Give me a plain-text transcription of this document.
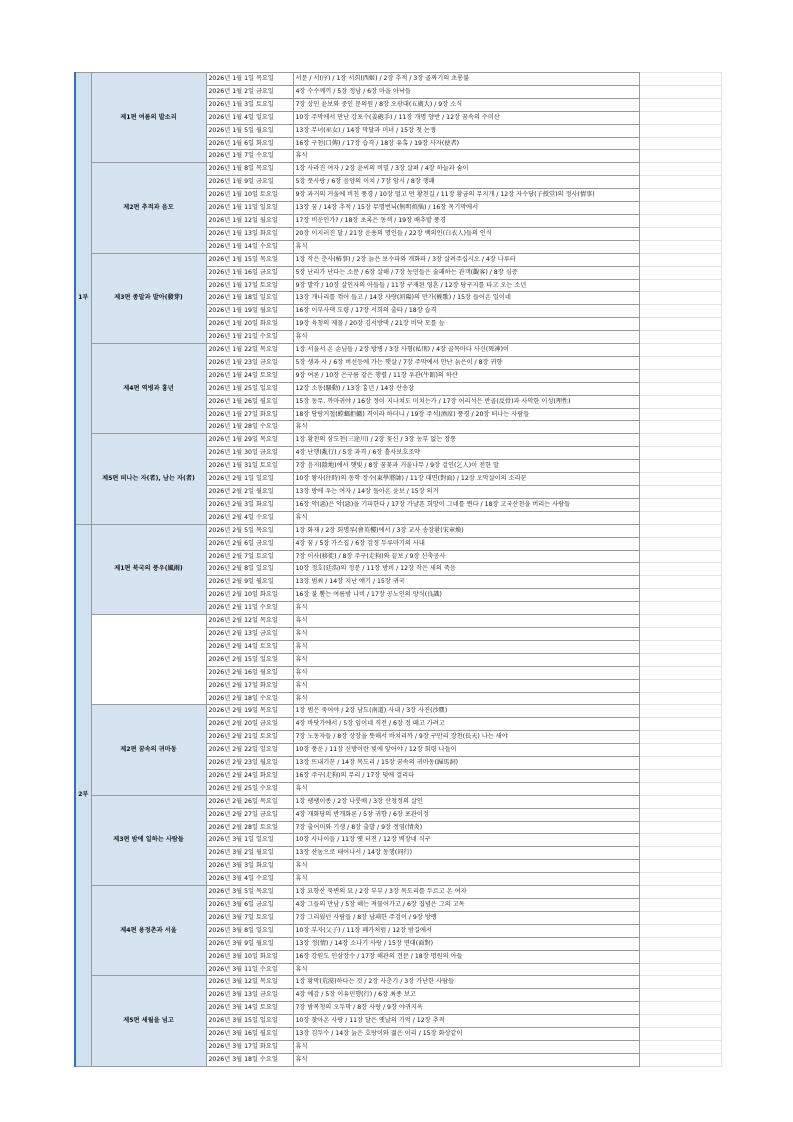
1부	제1편 여름의 발소리	2026년 1월 1일 목요일	서문 / 서(序) / 1장 서희(西姬) / 2장 추적 / 3장 골짜기의 초롱불	
		2026년 1월 2일 금요일	4장 수수께끼 / 5장 정남 / 6장 마을 아낙들	
		2026년 1월 3일 토요일	7장 상민 윤보와 중인 문의원 / 8장 오광대(五廣大) / 9장 소식	
		2026년 1월 4일 일요일	10장 주막에서 만난 강포수(姜砲手) / 11장 개명 양반 / 12장 꿈속의 수미산	
		2026년 1월 5일 월요일	13장 무녀(巫女) / 14장 막달과 미녀 / 15장 첫 논쟁	
		2026년 1월 6일 화요일	16장 구천(口傳) / 17장 습격 / 18장 유혹 / 19장 사자(使者)	
		2026년 1월 7일 수요일	휴식	
	제2편 추적과 음모	2026년 1월 8일 목요일	1장 사라진 여자 / 2장 윤씨의 비밀 / 3장 살펴 / 4장 하늘과 숨이	
		2026년 1월 9일 금요일	5장 풋사랑 / 6장 음양의 이치 / 7장 암시 / 8장 행패	
		2026년 1월 10일 토요일	9장 과거의 거울에 비친 풍경 / 10장 멀고 먼 황천길 / 11장 황금의 무지개 / 12장 자수당(子授堂)의 정사(情事)	
		2026년 1월 11일 일요일	13장 꿈 / 14장 추적 / 15장 무명번뇌(無明煩惱) / 16장 목기막에서	
		2026년 1월 12일 월요일	17장 비운인가? / 18장 초록은 동색 / 19장 배추밭 풍경	
		2026년 1월 13일 화요일	20장 이지러진 달 / 21장 운용의 명인들 / 22장 백의인(白衣人)들의 인식	
		2026년 1월 14일 수요일	휴식	
	제3편 종말과 발아(發芽)	2026년 1월 15일 목요일	1장 작은 춘사(椿事) / 2장 늙은 보수파와 개화파 / 3장 살려주십시오 / 4장 나루터	
		2026년 1월 16일 금요일	5장 난리가 난다는 소문 / 6장 살해 / 7장 농민들은 술패하는 관객(觀客) / 8장 심증	
		2026년 1월 17일 토요일	9장 발각 / 10장 살인자의 아들들 / 11장 구재된 영혼 / 12장 당구지를 타고 오는 소년	
		2026년 1월 18일 일요일	13장 개나리를 꺾어 들고 / 14장 사랑(斜陽)의 만가(輓歌) / 15장 들어온 일이네	
		2026년 1월 19일 월요일	16장 이부사댁 도령 / 17장 서희의 출타 / 18장 습격	
		2026년 1월 20일 화요일	19장 육청의 제물 / 20장 김서방댁 / 21장 비닥 모를 늪	
		2026년 1월 21일 수요일	휴식	
	제4편 역병과 흉년	2026년 1월 22일 목요일	1장 서울서 온 손님들 / 2장 방병 / 3장 사형(私刑) / 4장 골목마다 사신(死神)이	
		2026년 1월 23일 금요일	5장 생과 사 / 6장 버선등에 가는 햇살 / 7장 주막에서 만난 늙은이 / 8장 귀향	
		2026년 1월 24일 토요일	9장 여론 / 10장 은구름 같은 행렬 / 11장 우관(牛館)의 하산	
		2026년 1월 25일 일요일	12장 소동(騷動) / 13장 흉년 / 14장 산송장	
		2026년 1월 26일 월요일	15장 동무, 까마귀야 / 16장 정이 지나쳐도 미치는가 / 17장 어리석은 반골(反骨)과 사악한 이성(理性)	
		2026년 1월 27일 화요일	18장 당랑거철(螳螂拒轍) 격이라 하더니 / 19장 주석(酒席) 풍경 / 20장 떠나는 사람들	
		2026년 1월 28일 수요일	휴식	
	제5편 떠나는 자(者), 남는 자(者)	2026년 1월 29일 목요일	1장 황천의 삼도천(三途川) / 2장 꽃신 / 3장 농부 없는 장통	
		2026년 1월 30일 금요일	4장 난행(亂行) / 5장 과격 / 6장 흩사보호조약	
		2026년 1월 31일 토요일	7장 음지(陰地)에서 햇빛 / 8장 꿈꽃과 거울나무 / 9장 걸인(乞人)이 전한 말	
		2026년 2월 1일 일요일	10장 왕사(往時)의 동학 장수(東學將帥) / 11장 대면(對面) / 12장 오막살이의 소리꾼	
		2026년 2월 2일 월요일	13장 방에 우는 여자 / 14장 돌아온 윤보 / 15장 의거	
		2026년 2월 3일 화요일	16장 악(惡)은 악(惡)을 기피한다 / 17장 가냘픈 희망이 그네를 뛴다 / 18장 고국산천을 버리는 사람들	
		2026년 2월 4일 수요일	휴식	
2부	제1편 북국의 풍우(風雨)	2026년 2월 5일 목요일	1장 화재 / 2장 회명루(會英樓)에서 / 3장 교사 송장환(宋章煥)	
		2026년 2월 6일 금요일	4장 꿈 / 5장 가스집 / 6장 검정 두루마기의 사내	
		2026년 2월 7일 토요일	7장 이사(移徙) / 8장 주구(走狗)와 끝보 / 9장 신축공사	
		2026년 2월 8일 일요일	10장 정호(廷浩)의 정분 / 11장 방비 / 12장 작은 새의 죽음	
		2026년 2월 9일 월요일	13장 범최 / 14장 지난 얘기 / 15장 귀국	
		2026년 2월 10일 화요일	16장 불 뿜는 여름밤 나비 / 17장 공노인의 양식(良識)	
		2026년 2월 11일 수요일	휴식	
		2026년 2월 12일 목요일	휴식	
		2026년 2월 13일 금요일	휴식	
		2026년 2월 14일 토요일	휴식	
		2026년 2월 15일 일요일	휴식	
		2026년 2월 16일 월요일	휴식	
		2026년 2월 17일 화요일	휴식	
		2026년 2월 18일 수요일	휴식	
	제2편 꿈속의 귀마동	2026년 2월 19일 목요일	1장 범은 죽어야 / 2장 남도(南道) 사내 / 3장 사진(沙塵)	
		2026년 2월 20일 금요일	4장 바닷가에서 / 5장 임이네 직전 / 6장 정 떼고 가려고	
		2026년 2월 21일 토요일	7장 노동자들 / 8장 상장을 뜻해서 바치리까 / 9장 구만리 장천(長天) 나는 새야	
		2026년 2월 22일 일요일	10장 풍운 / 11장 신방이란 빛에 앞어야 / 12장 회령 나들이	
		2026년 2월 23일 월요일	13장 뜨내기꾼 / 14장 목도리 / 15장 꿈속의 귀마동(歸馬洞)	
		2026년 2월 24일 화요일	16장 주구(走狗)의 무리 / 17장 덫에 걸리다	
		2026년 2월 25일 수요일	휴식	
	제3편 밤에 일하는 사람들	2026년 2월 26일 목요일	1장 팽팽이종 / 2장 나룻배 / 3장 산청정의 살인	
		2026년 2월 27일 금요일	4장 개화당의 반개화론 / 5장 귀향 / 6장 포관이정	
		2026년 2월 28일 토요일	7장 출어미와 기생 / 8장 출발 / 9장 정염(情炎)	
		2026년 3월 1일 일요일	10장 사나이들 / 11장 옛 터전 / 12장 벽장네 식구	
		2026년 3월 2일 월요일	13장 산놈으로 태어나서 / 14장 동행(同行)	
		2026년 3월 3일 화요일	휴식	
		2026년 3월 4일 수요일	휴식	
	제4편 용정촌과 서울	2026년 3월 5일 목요일	1장 묘향산 묵변의 묘 / 2장 부부 / 3장 목도리를 두르고 온 여자	
		2026년 3월 6일 금요일	4장 그들의 만남 / 5장 해는 져물어가고 / 6장 집념은 그의 고독	
		2026년 3월 7일 토요일	7장 그리웠던 사람들 / 8장 남패한 주검이 / 9장 방랭	
		2026년 3월 8일 일요일	10장 부자(父子) / 11장 폐가처럼 / 12장 밤길에서	
		2026년 3월 9일 월요일	13장 정(情) / 14장 소나기 사랑 / 15장 면대(面對)	
		2026년 3월 10일 화요일	16장 강원도 인삼장수 / 17장 해관의 견문 / 18장 명원의 아들	
		2026년 3월 11일 수요일	휴식	
	제5편 세월을 넘고	2026년 3월 12일 목요일	1장 황막(荒漠)하다는 것 / 2장 사춘기 / 3장 가난한 사람들	
		2026년 3월 13일 금요일	4장 예감 / 5장 이유민행(行) / 6장 최종 보고	
		2026년 3월 14일 토요일	7장 밤복청의 오두막 / 8장 사랑 / 9장 야귀지옥	
		2026년 3월 15일 일요일	10장 찾아온 사랑 / 11장 달은 옛날의 기억 / 12장 추적	
		2026년 3월 16일 월요일	13장 김두수 / 14장 늙은 호랑이와 젊은 이리 / 15장 화상같이	
		2026년 3월 17일 화요일	휴식	
		2026년 3월 18일 수요일	휴식	
